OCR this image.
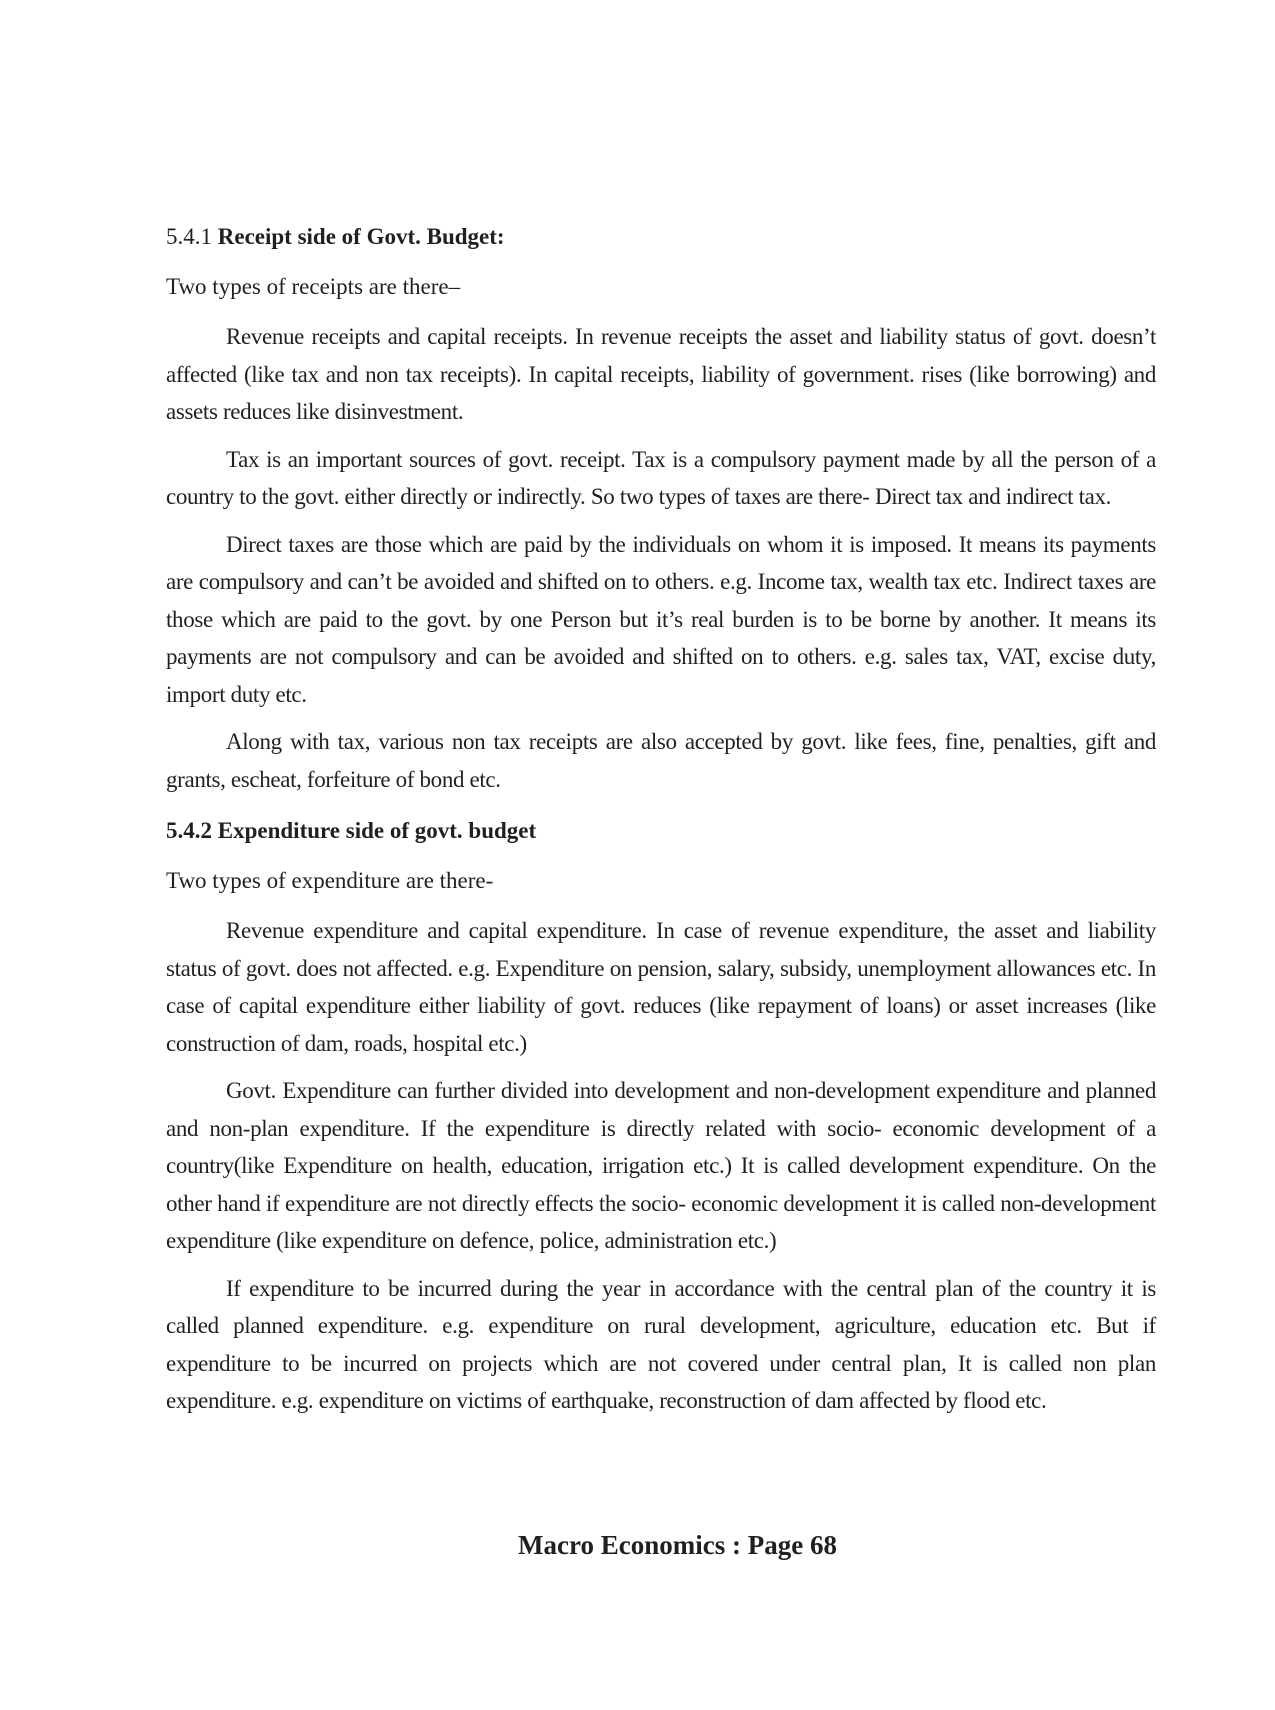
5.4.1 Receipt side of Govt. Budget:
Two types of receipts are there–

Revenue receipts and capital receipts. In revenue receipts the asset and liability status of govt. doesn’t affected (like tax and non tax receipts). In capital receipts, liability of government. rises (like borrowing) and assets reduces like disinvestment.

Tax is an important sources of govt. receipt. Tax is a compulsory payment made by all the person of a country to the govt. either directly or indirectly. So two types of taxes are there- Direct tax and indirect tax.

Direct taxes are those which are paid by the individuals on whom it is imposed. It means its payments are compulsory and can’t be avoided and shifted on to others. e.g. Income tax, wealth tax etc. Indirect taxes are those which are paid to the govt. by one Person but it’s real burden is to be borne by another. It means its payments are not compulsory and can be avoided and shifted on to others. e.g. sales tax, VAT, excise duty, import duty etc.

Along with tax, various non tax receipts are also accepted by govt. like fees, fine, penalties, gift and grants, escheat, forfeiture of bond etc.

5.4.2 Expenditure side of govt. budget
Two types of expenditure are there-

Revenue expenditure and capital expenditure. In case of revenue expenditure, the asset and liability status of govt. does not affected. e.g. Expenditure on pension, salary, subsidy, unemployment allowances etc. In case of capital expenditure either liability of govt. reduces (like repayment of loans) or asset increases (like construction of dam, roads, hospital etc.)

Govt. Expenditure can further divided into development and non-development expenditure and planned and non-plan expenditure. If the expenditure is directly related with socio- economic development of a country(like Expenditure on health, education, irrigation etc.) It is called development expenditure. On the other hand if expenditure are not directly effects the socio- economic development it is called non-development expenditure (like expenditure on defence, police, administration etc.)

If expenditure to be incurred during the year in accordance with the central plan of the country it is called planned expenditure. e.g. expenditure on rural development, agriculture, education etc. But if expenditure to be incurred on projects which are not covered under central plan, It is called non plan expenditure. e.g. expenditure on victims of earthquake, reconstruction of dam affected by flood etc.

Macro Economics : Page 68
